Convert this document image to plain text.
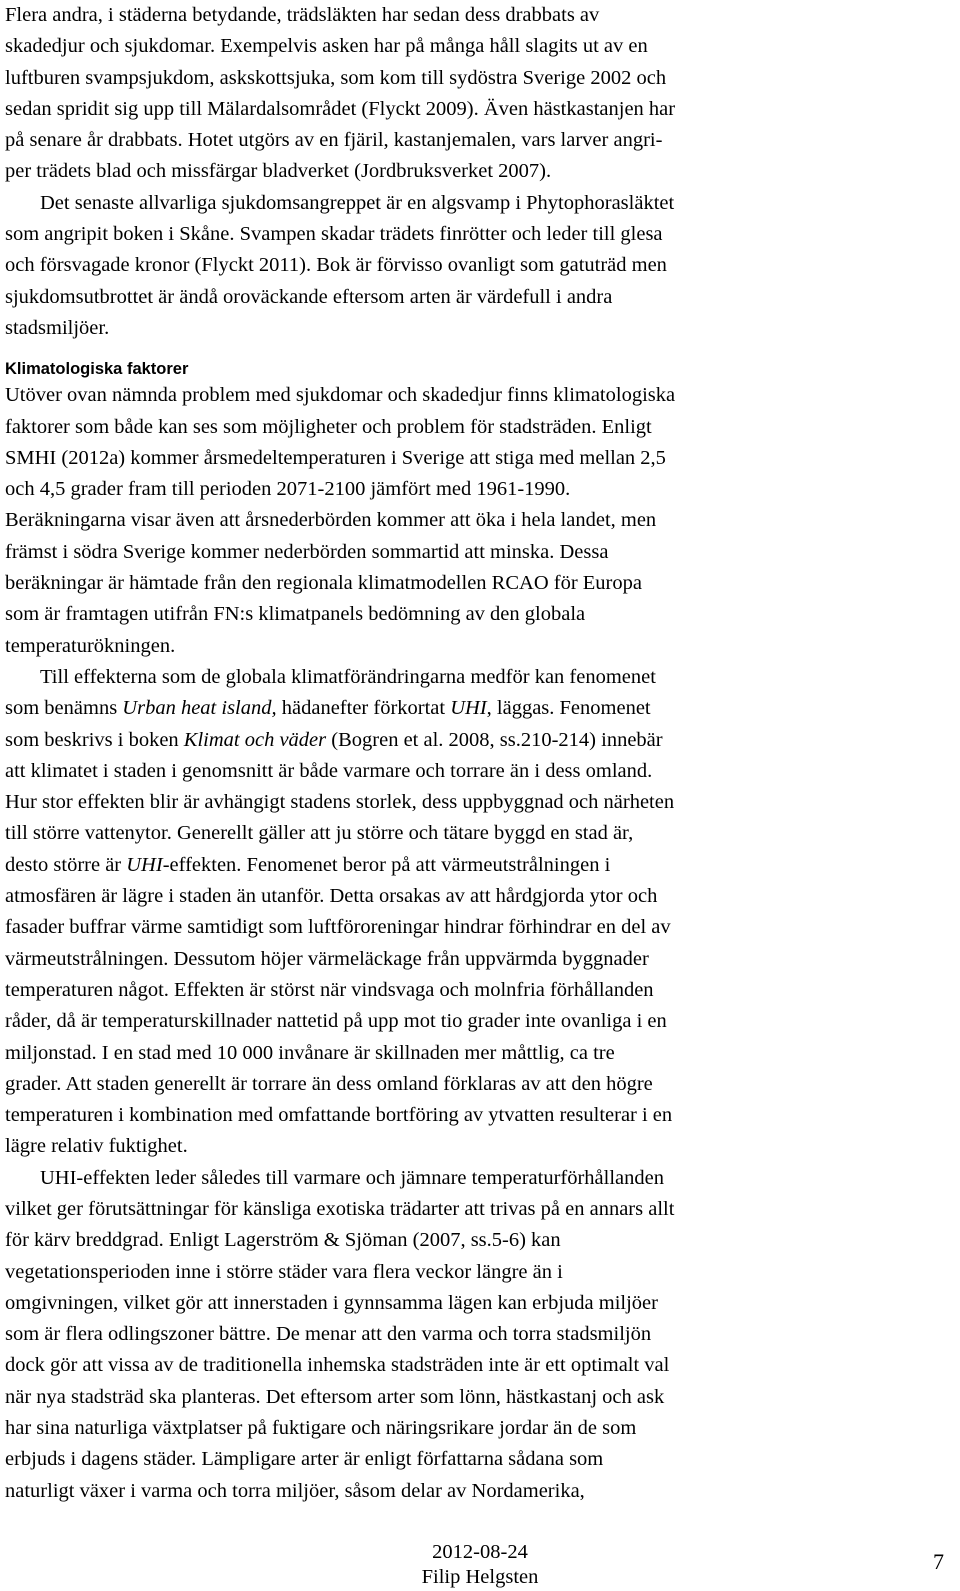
Flera andra, i städerna betydande, trädsläkten har sedan dess drabbats av
skadedjur och sjukdomar. Exempelvis asken har på många håll slagits ut av en
luftburen svampsjukdom, askskottsjuka, som kom till sydöstra Sverige 2002 och
sedan spridit sig upp till Mälardalsområdet (Flyckt 2009). Även hästkastanjen har
på senare år drabbats. Hotet utgörs av en fjäril, kastanjemalen, vars larver angri-
per trädets blad och missfärgar bladverket (Jordbruksverket 2007).

Det senaste allvarliga sjukdomsangreppet är en algsvamp i Phytophorasläktet
som angripit boken i Skåne. Svampen skadar trädets finrötter och leder till glesa
och försvagade kronor (Flyckt 2011). Bok är förvisso ovanligt som gatuträd men
sjukdomsutbrottet är ändå oroväckande eftersom arten är värdefull i andra
stadsmiljöer.

Klimatologiska faktorer

Utöver ovan nämnda problem med sjukdomar och skadedjur finns klimatologiska
faktorer som både kan ses som möjligheter och problem för stadsträden. Enligt
SMHI (2012a) kommer årsmedeltemperaturen i Sverige att stiga med mellan 2,5
och 4,5 grader fram till perioden 2071-2100 jämfört med 1961-1990.
Beräkningarna visar även att årsnederbörden kommer att öka i hela landet, men
främst i södra Sverige kommer nederbörden sommartid att minska. Dessa
beräkningar är hämtade från den regionala klimatmodellen RCAO för Europa
som är framtagen utifrån FN:s klimatpanels bedömning av den globala
temperaturökningen.

Till effekterna som de globala klimatförändringarna medför kan fenomenet
som benämns Urban heat island, hädanefter förkortat UHI, läggas. Fenomenet
som beskrivs i boken Klimat och väder (Bogren et al. 2008, ss.210-214) innebär
att klimatet i staden i genomsnitt är både varmare och torrare än i dess omland.
Hur stor effekten blir är avhängigt stadens storlek, dess uppbyggnad och närheten
till större vattenytor. Generellt gäller att ju större och tätare byggd en stad är,
desto större är UHI-effekten. Fenomenet beror på att värmeutstrålningen i
atmosfären är lägre i staden än utanför. Detta orsakas av att hårdgjorda ytor och
fasader buffrar värme samtidigt som luftföroreningar hindrar förhindrar en del av
värmeutstrålningen. Dessutom höjer värmeläckage från uppvärmda byggnader
temperaturen något. Effekten är störst när vindsvaga och molnfria förhållanden
råder, då är temperaturskillnader nattetid på upp mot tio grader inte ovanliga i en
miljonstad. I en stad med 10 000 invånare är skillnaden mer måttlig, ca tre
grader. Att staden generellt är torrare än dess omland förklaras av att den högre
temperaturen i kombination med omfattande bortföring av ytvatten resulterar i en
lägre relativ fuktighet.

UHI-effekten leder således till varmare och jämnare temperaturförhållanden
vilket ger förutsättningar för känsliga exotiska trädarter att trivas på en annars allt
för kärv breddgrad. Enligt Lagerström & Sjöman (2007, ss.5-6) kan
vegetationsperioden inne i större städer vara flera veckor längre än i
omgivningen, vilket gör att innerstaden i gynnsamma lägen kan erbjuda miljöer
som är flera odlingszoner bättre. De menar att den varma och torra stadsmiljön
dock gör att vissa av de traditionella inhemska stadsträden inte är ett optimalt val
när nya stadsträd ska planteras. Det eftersom arter som lönn, hästkastanj och ask
har sina naturliga växtplatser på fuktigare och näringsrikare jordar än de som
erbjuds i dagens städer. Lämpligare arter är enligt författarna sådana som
naturligt växer i varma och torra miljöer, såsom delar av Nordamerika,

2012-08-24
Filip Helgsten
7
